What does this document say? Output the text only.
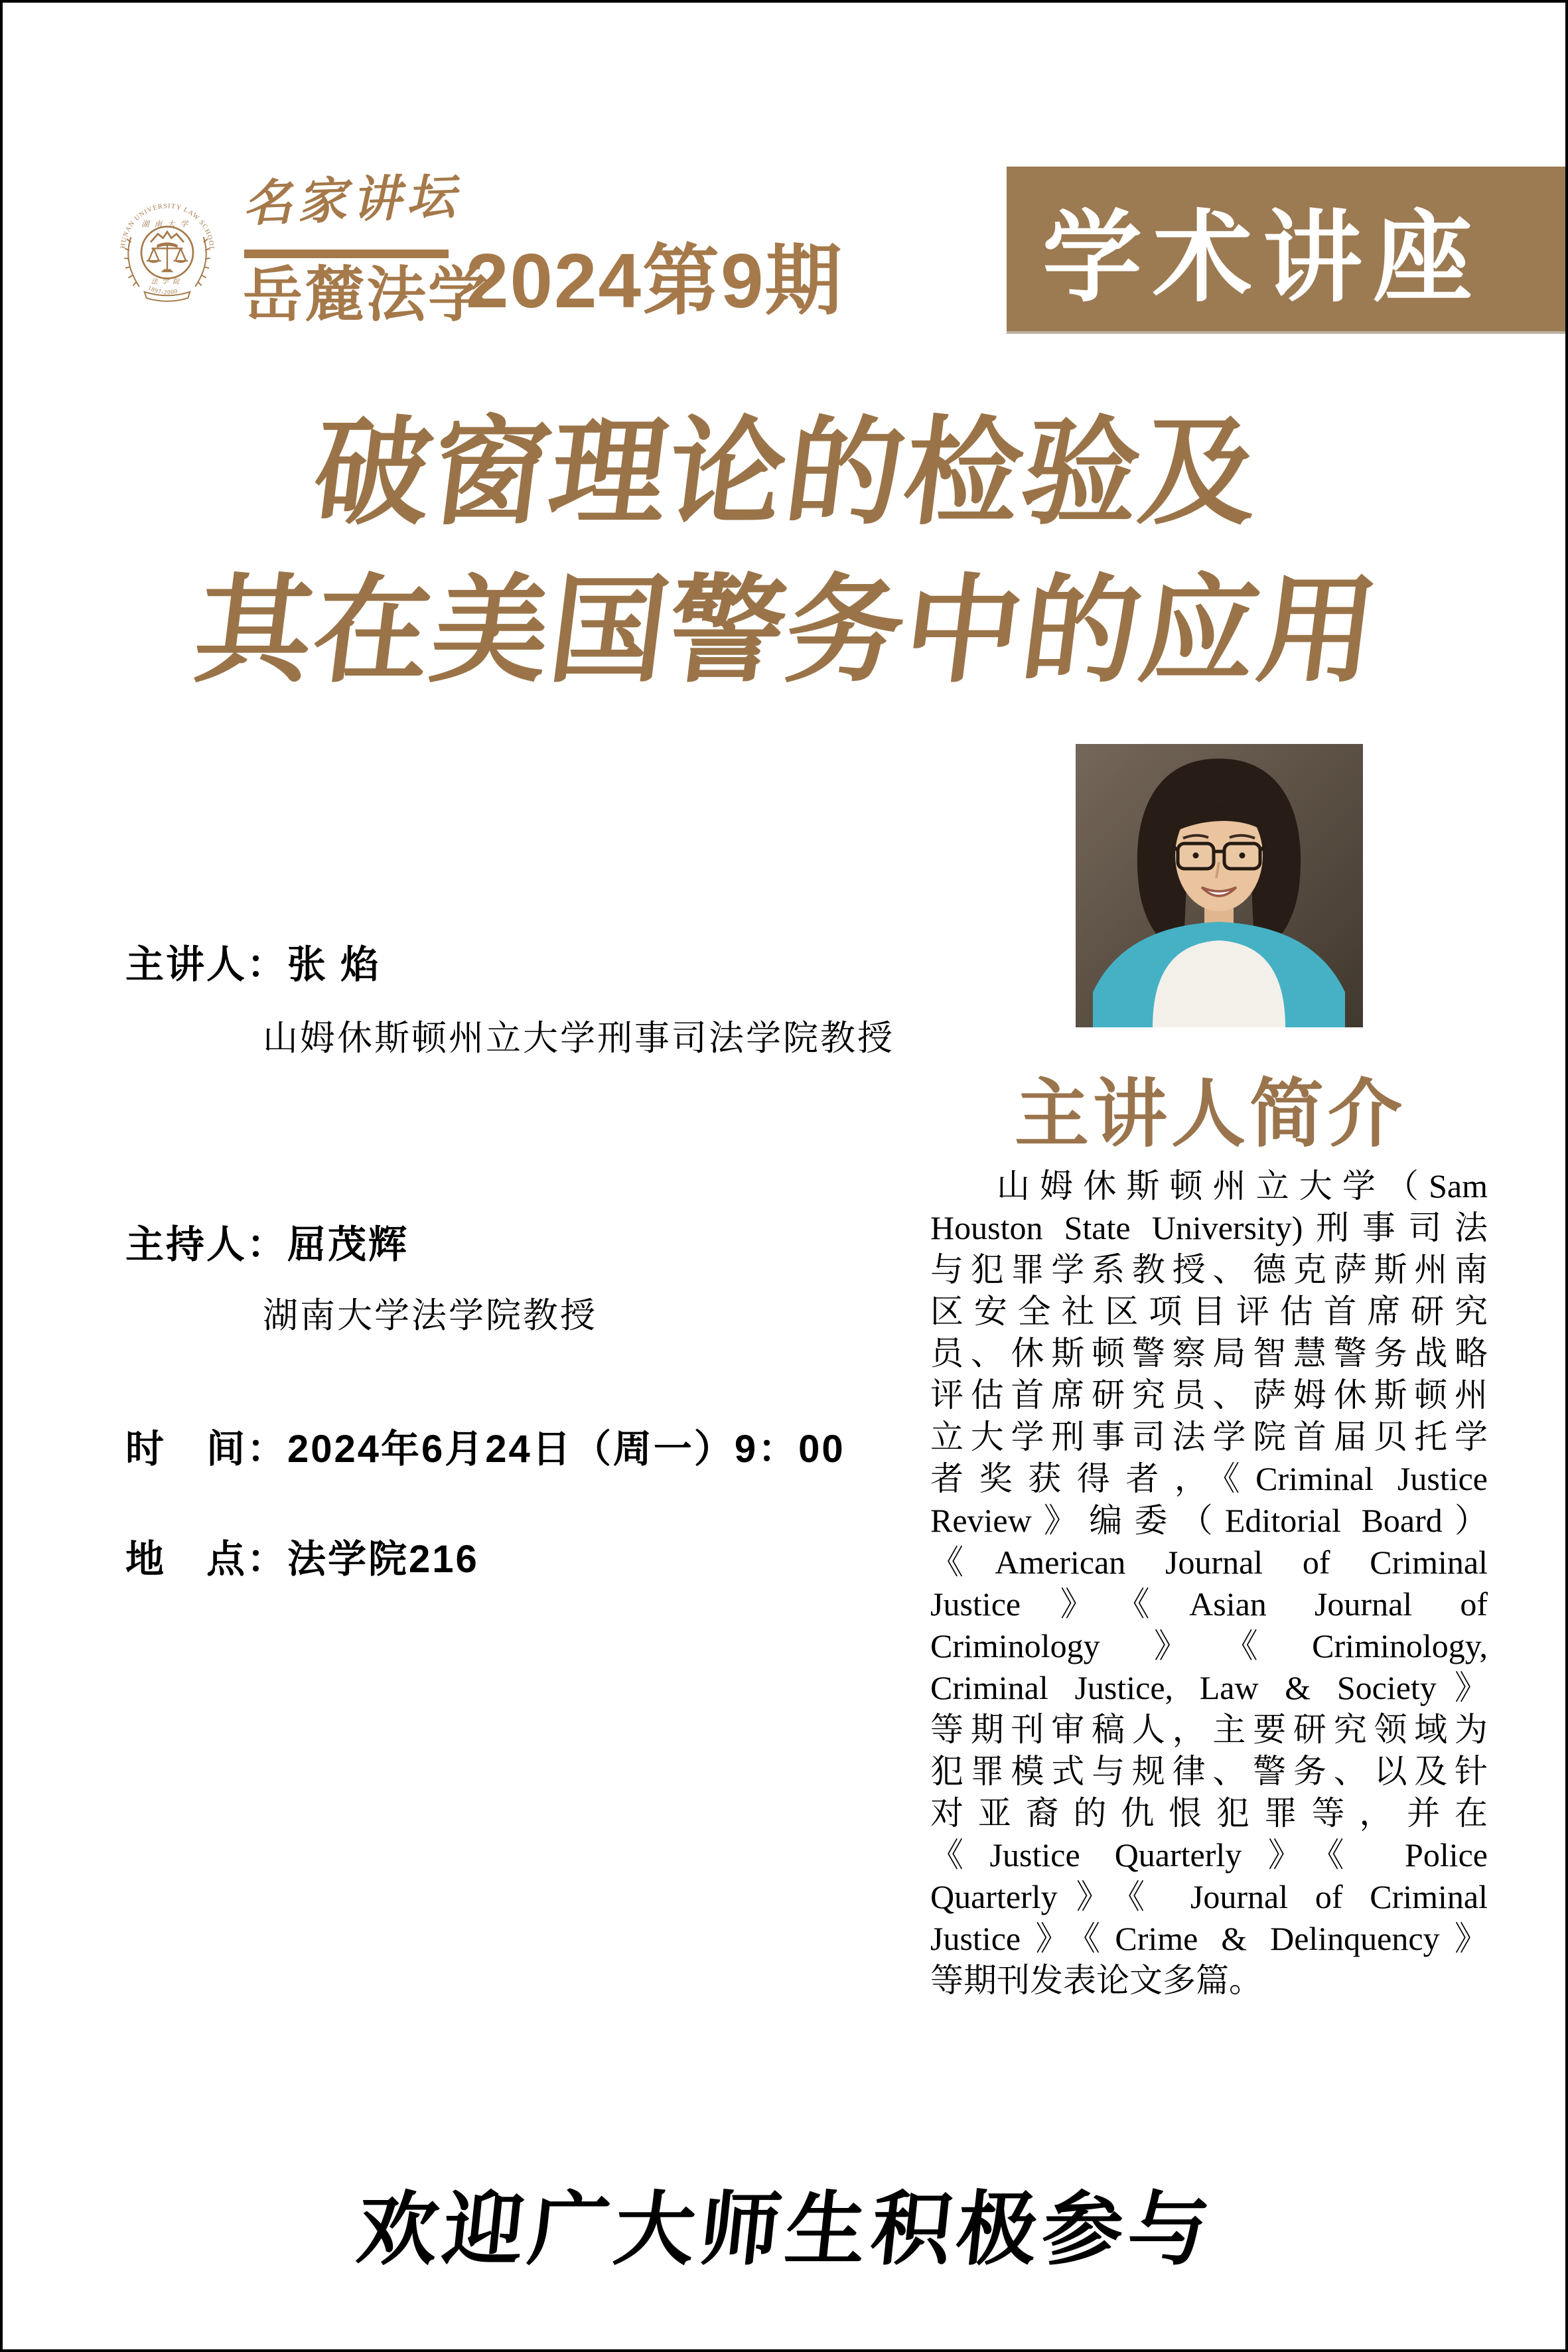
HUNAN UNIVERSITY LAW SCHOOL
湖南大学
法学院
1897-2000
名家讲坛
岳麓法学
2024第9期	学术讲座
破窗理论的检验及
其在美国警务中的应用
主讲人简介
山姆休斯顿州立大学（Sam
Houston State University)刑事司法
与犯罪学系教授、德克萨斯州南
区安全社区项目评估首席研究
员、休斯顿警察局智慧警务战略
评估首席研究员、萨姆休斯顿州
立大学刑事司法学院首届贝托学
者奖获得者，《Criminal Justice
Review》编委（Editorial Board）
《American Journal of Criminal
Justice》《Asian Journal of
Criminology》《Criminology,
Criminal Justice, Law & Society》
等期刊审稿人，主要研究领域为
犯罪模式与规律、警务、以及针
对亚裔的仇恨犯罪等，并在
《Justice Quarterly》《 Police
Quarterly》《 Journal of Criminal
Justice》《Crime & Delinquency》
等期刊发表论文多篇。
主讲人：张 焰
山姆休斯顿州立大学刑事司法学院教授
主持人：屈茂辉
湖南大学法学院教授
时　间：2024年6月24日（周一）9：00
地　点：法学院216
欢迎广大师生积极参与
